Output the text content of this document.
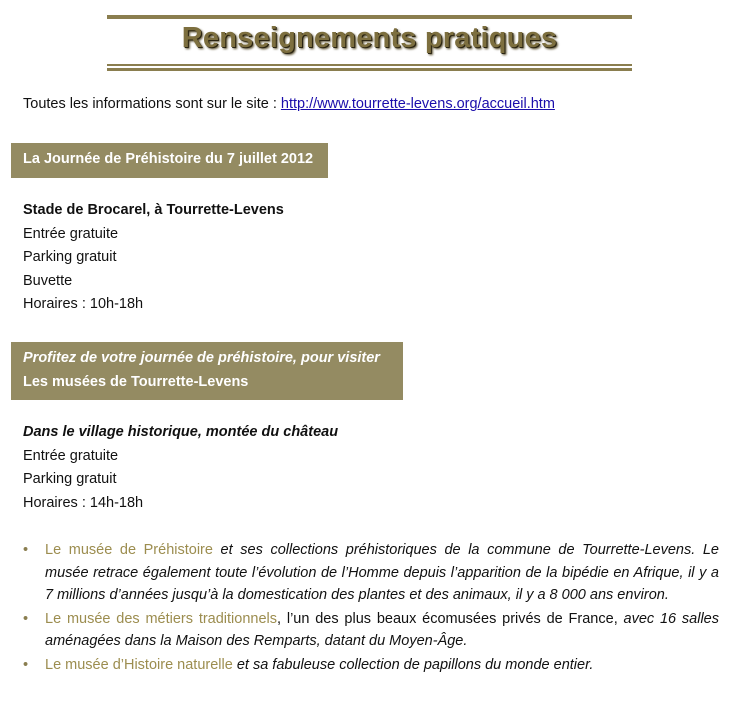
Renseignements pratiques

Toutes les informations sont sur le site : http://www.tourrette-levens.org/accueil.htm

La Journée de Préhistoire du 7 juillet 2012
Stade de Brocarel, à Tourrette-Levens
Entrée gratuite
Parking gratuit
Buvette
Horaires : 10h-18h
Profitez de votre journée de préhistoire, pour visiter
Les musées de Tourrette-Levens
Dans le village historique, montée du château
Entrée gratuite
Parking gratuit
Horaires : 14h-18h
• Le musée de Préhistoire et ses collections préhistoriques de la commune de Tourrette-Levens. Le musée retrace également toute l’évolution de l’Homme depuis l’apparition de la bipédie en Afrique, il y a 7 millions d’années jusqu’à la domestication des plantes et des animaux, il y a 8 000 ans environ.
• Le musée des métiers traditionnels, l’un des plus beaux écomusées privés de France, avec 16 salles aménagées dans la Maison des Remparts, datant du Moyen-Âge.
• Le musée d’Histoire naturelle et sa fabuleuse collection de papillons du monde entier.
